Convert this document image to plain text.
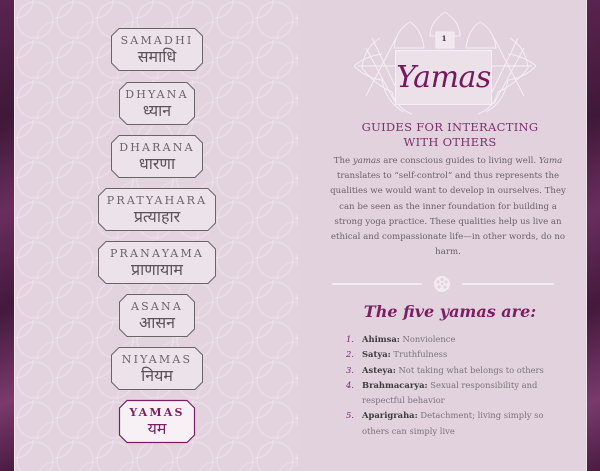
SAMADHI
समाधि
DHYANA
ध्यान
DHARANA
धारणा
PRATYAHARA
प्रत्याहार
PRANAYAMA
प्राणायाम
ASANA
आसन
NIYAMAS
नियम
YAMAS
यम
1
Yamas
GUIDES FOR INTERACTING
WITH OTHERS

The yamas are conscious guides to living well. Yama translates to “self-control” and thus represents the qualities we would want to develop in ourselves. They can be seen as the inner foundation for building a strong yoga practice. These qualities help us live an ethical and compassionate life—in other words, do no harm.

The five yamas are:
1. Ahimsa: Nonviolence
2. Satya: Truthfulness
3. Asteya: Not taking what belongs to others
4. Brahmacarya: Sexual responsibility and respectful behavior
5. Aparigraha: Detachment; living simply so others can simply live
